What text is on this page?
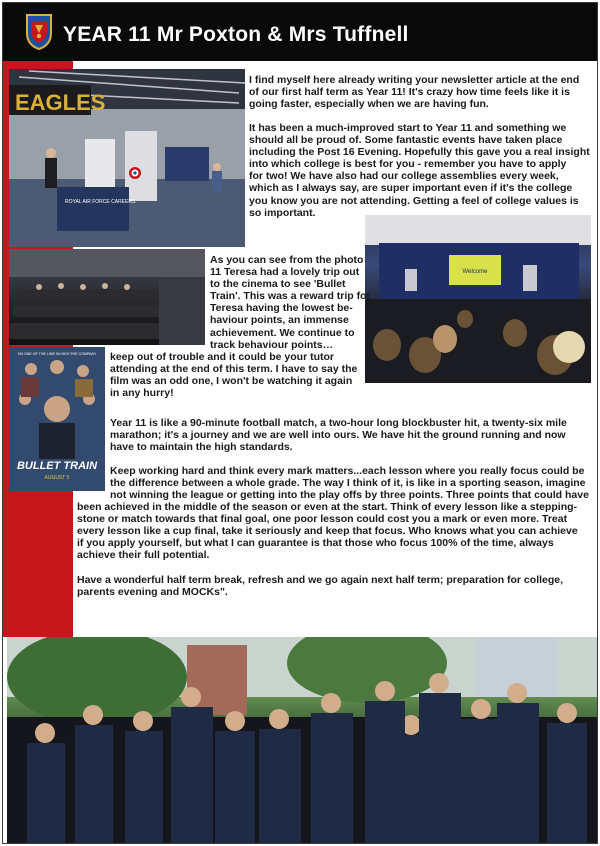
YEAR 11 Mr Poxton & Mrs Tuffnell
EAGLES
ROYAL AIR FORCE CAREERS
ON ONE OF THE LINE IN HIGH THE COMPANY
BULLET TRAIN
AUGUST 5
Welcome

I find myself here already writing your newsletter article at the end
of our first half term as Year 11! It's crazy how time feels like it is
going faster, especially when we are having fun.

It has been a much-improved start to Year 11 and something we
should all be proud of. Some fantastic events have taken place
including the Post 16 Evening. Hopefully this gave you a real insight
into which college is best for you - remember you have to apply
for two! We have also had our college assemblies every week,
which as I always say, are super important even if it's the college
you know you are not attending. Getting a feel of college values is
so important.

As you can see from the photo
11 Teresa had a lovely trip out
to the cinema to see 'Bullet
Train'. This was a reward trip for
Teresa having the lowest be-
haviour points, an immense
achievement. We continue to
track behaviour points…

keep out of trouble and it could be your tutor
attending at the end of this term. I have to say the
film was an odd one, I won't be watching it again
in any hurry!

Year 11 is like a 90-minute football match, a two-hour long blockbuster hit, a twenty-six mile
marathon; it's a journey and we are well into ours. We have hit the ground running and now
have to maintain the high standards.

Keep working hard and think every mark matters...each lesson where you really focus could be
the difference between a whole grade. The way I think of it, is like in a sporting season, imagine
not winning the league or getting into the play offs by three points. Three points that could have

been achieved in the middle of the season or even at the start. Think of every lesson like a stepping-
stone or match towards that final goal, one poor lesson could cost you a mark or even more. Treat
every lesson like a cup final, take it seriously and keep that focus. Who knows what you can achieve
if you apply yourself, but what I can guarantee is that those who focus 100% of the time, always
achieve their full potential.

Have a wonderful half term break, refresh and we go again next half term; preparation for college,
parents evening and MOCKs".
